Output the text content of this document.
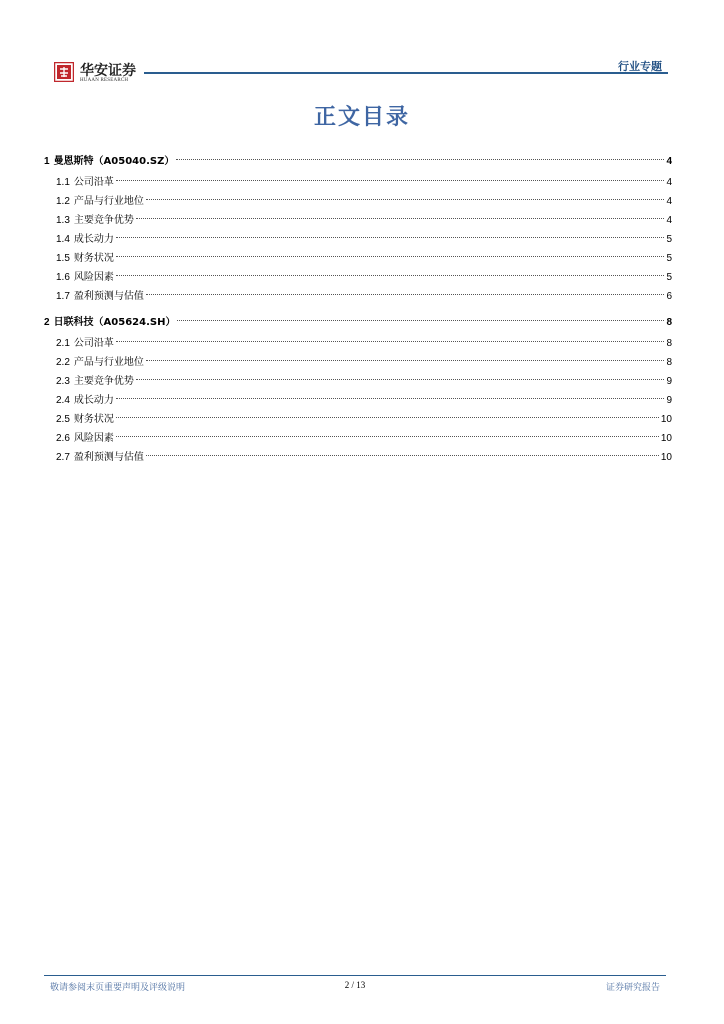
华安证券
HUAAN RESEARCH
行业专题
正文目录
1 曼恩斯特（A05040.SZ）	4
1.1 公司沿革	4
1.2 产品与行业地位	4
1.3 主要竞争优势	4
1.4 成长动力	5
1.5 财务状况	5
1.6 风险因素	5
1.7 盈利预测与估值	6
2 日联科技（A05624.SH）	8
2.1 公司沿革	8
2.2 产品与行业地位	8
2.3 主要竞争优势	9
2.4 成长动力	9
2.5 财务状况	10
2.6 风险因素	10
2.7 盈利预测与估值	10
敬请参阅末页重要声明及评级说明	2 / 13	证券研究报告
